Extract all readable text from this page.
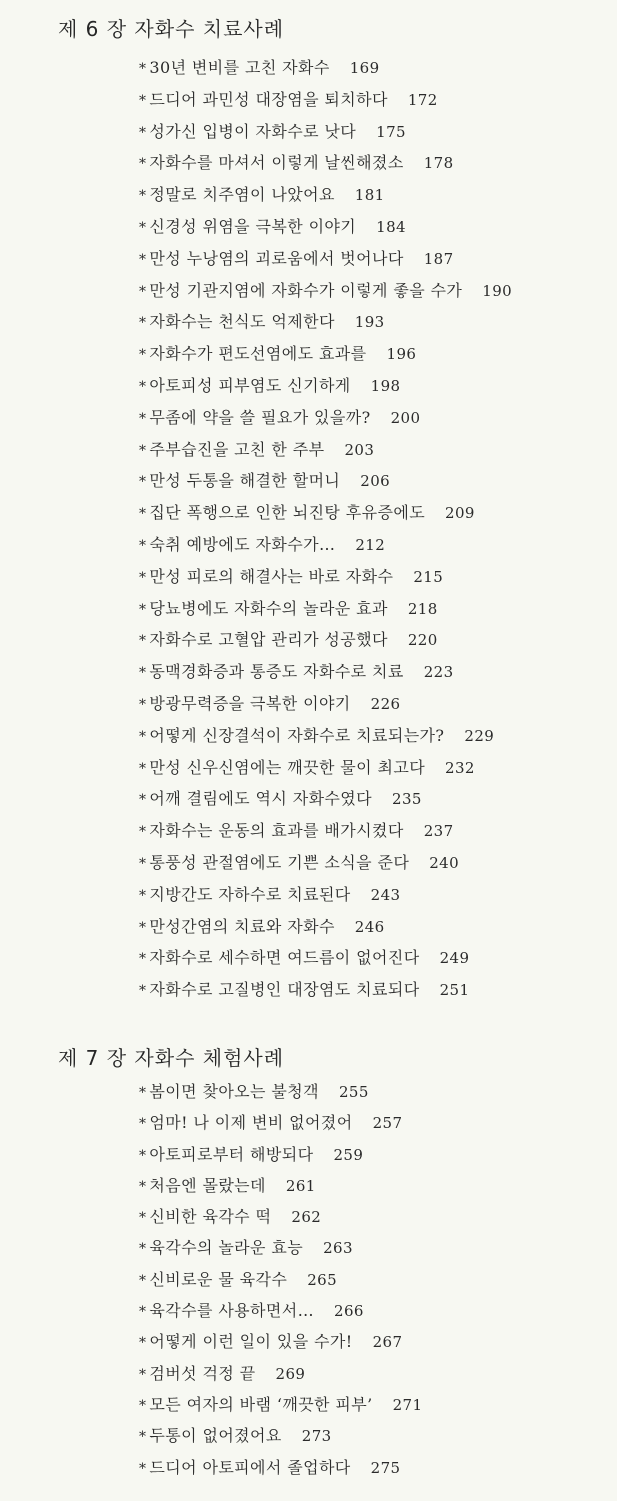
제 6 장 자화수 치료사례
* 30년 변비를 고친 자화수 169
* 드디어 과민성 대장염을 퇴치하다 172
* 성가신 입병이 자화수로 낫다 175
* 자화수를 마셔서 이렇게 날씬해졌소 178
* 정말로 치주염이 나았어요 181
* 신경성 위염을 극복한 이야기 184
* 만성 누낭염의 괴로움에서 벗어나다 187
* 만성 기관지염에 자화수가 이렇게 좋을 수가 190
* 자화수는 천식도 억제한다 193
* 자화수가 편도선염에도 효과를 196
* 아토피성 피부염도 신기하게 198
* 무좀에 약을 쓸 필요가 있을까? 200
* 주부습진을 고친 한 주부 203
* 만성 두통을 해결한 할머니 206
* 집단 폭행으로 인한 뇌진탕 후유증에도 209
* 숙취 예방에도 자화수가… 212
* 만성 피로의 해결사는 바로 자화수 215
* 당뇨병에도 자화수의 놀라운 효과 218
* 자화수로 고혈압 관리가 성공했다 220
* 동맥경화증과 통증도 자화수로 치료 223
* 방광무력증을 극복한 이야기 226
* 어떻게 신장결석이 자화수로 치료되는가? 229
* 만성 신우신염에는 깨끗한 물이 최고다 232
* 어깨 결림에도 역시 자화수였다 235
* 자화수는 운동의 효과를 배가시켰다 237
* 통풍성 관절염에도 기쁜 소식을 준다 240
* 지방간도 자하수로 치료된다 243
* 만성간염의 치료와 자화수 246
* 자화수로 세수하면 여드름이 없어진다 249
* 자화수로 고질병인 대장염도 치료되다 251
제 7 장 자화수 체험사례
* 봄이면 찾아오는 불청객 255
* 엄마! 나 이제 변비 없어졌어 257
* 아토피로부터 해방되다 259
* 처음엔 몰랐는데 261
* 신비한 육각수 떡 262
* 육각수의 놀라운 효능 263
* 신비로운 물 육각수 265
* 육각수를 사용하면서… 266
* 어떻게 이런 일이 있을 수가! 267
* 검버섯 걱정 끝 269
* 모든 여자의 바램 ‘깨끗한 피부’ 271
* 두통이 없어졌어요 273
* 드디어 아토피에서 졸업하다 275
